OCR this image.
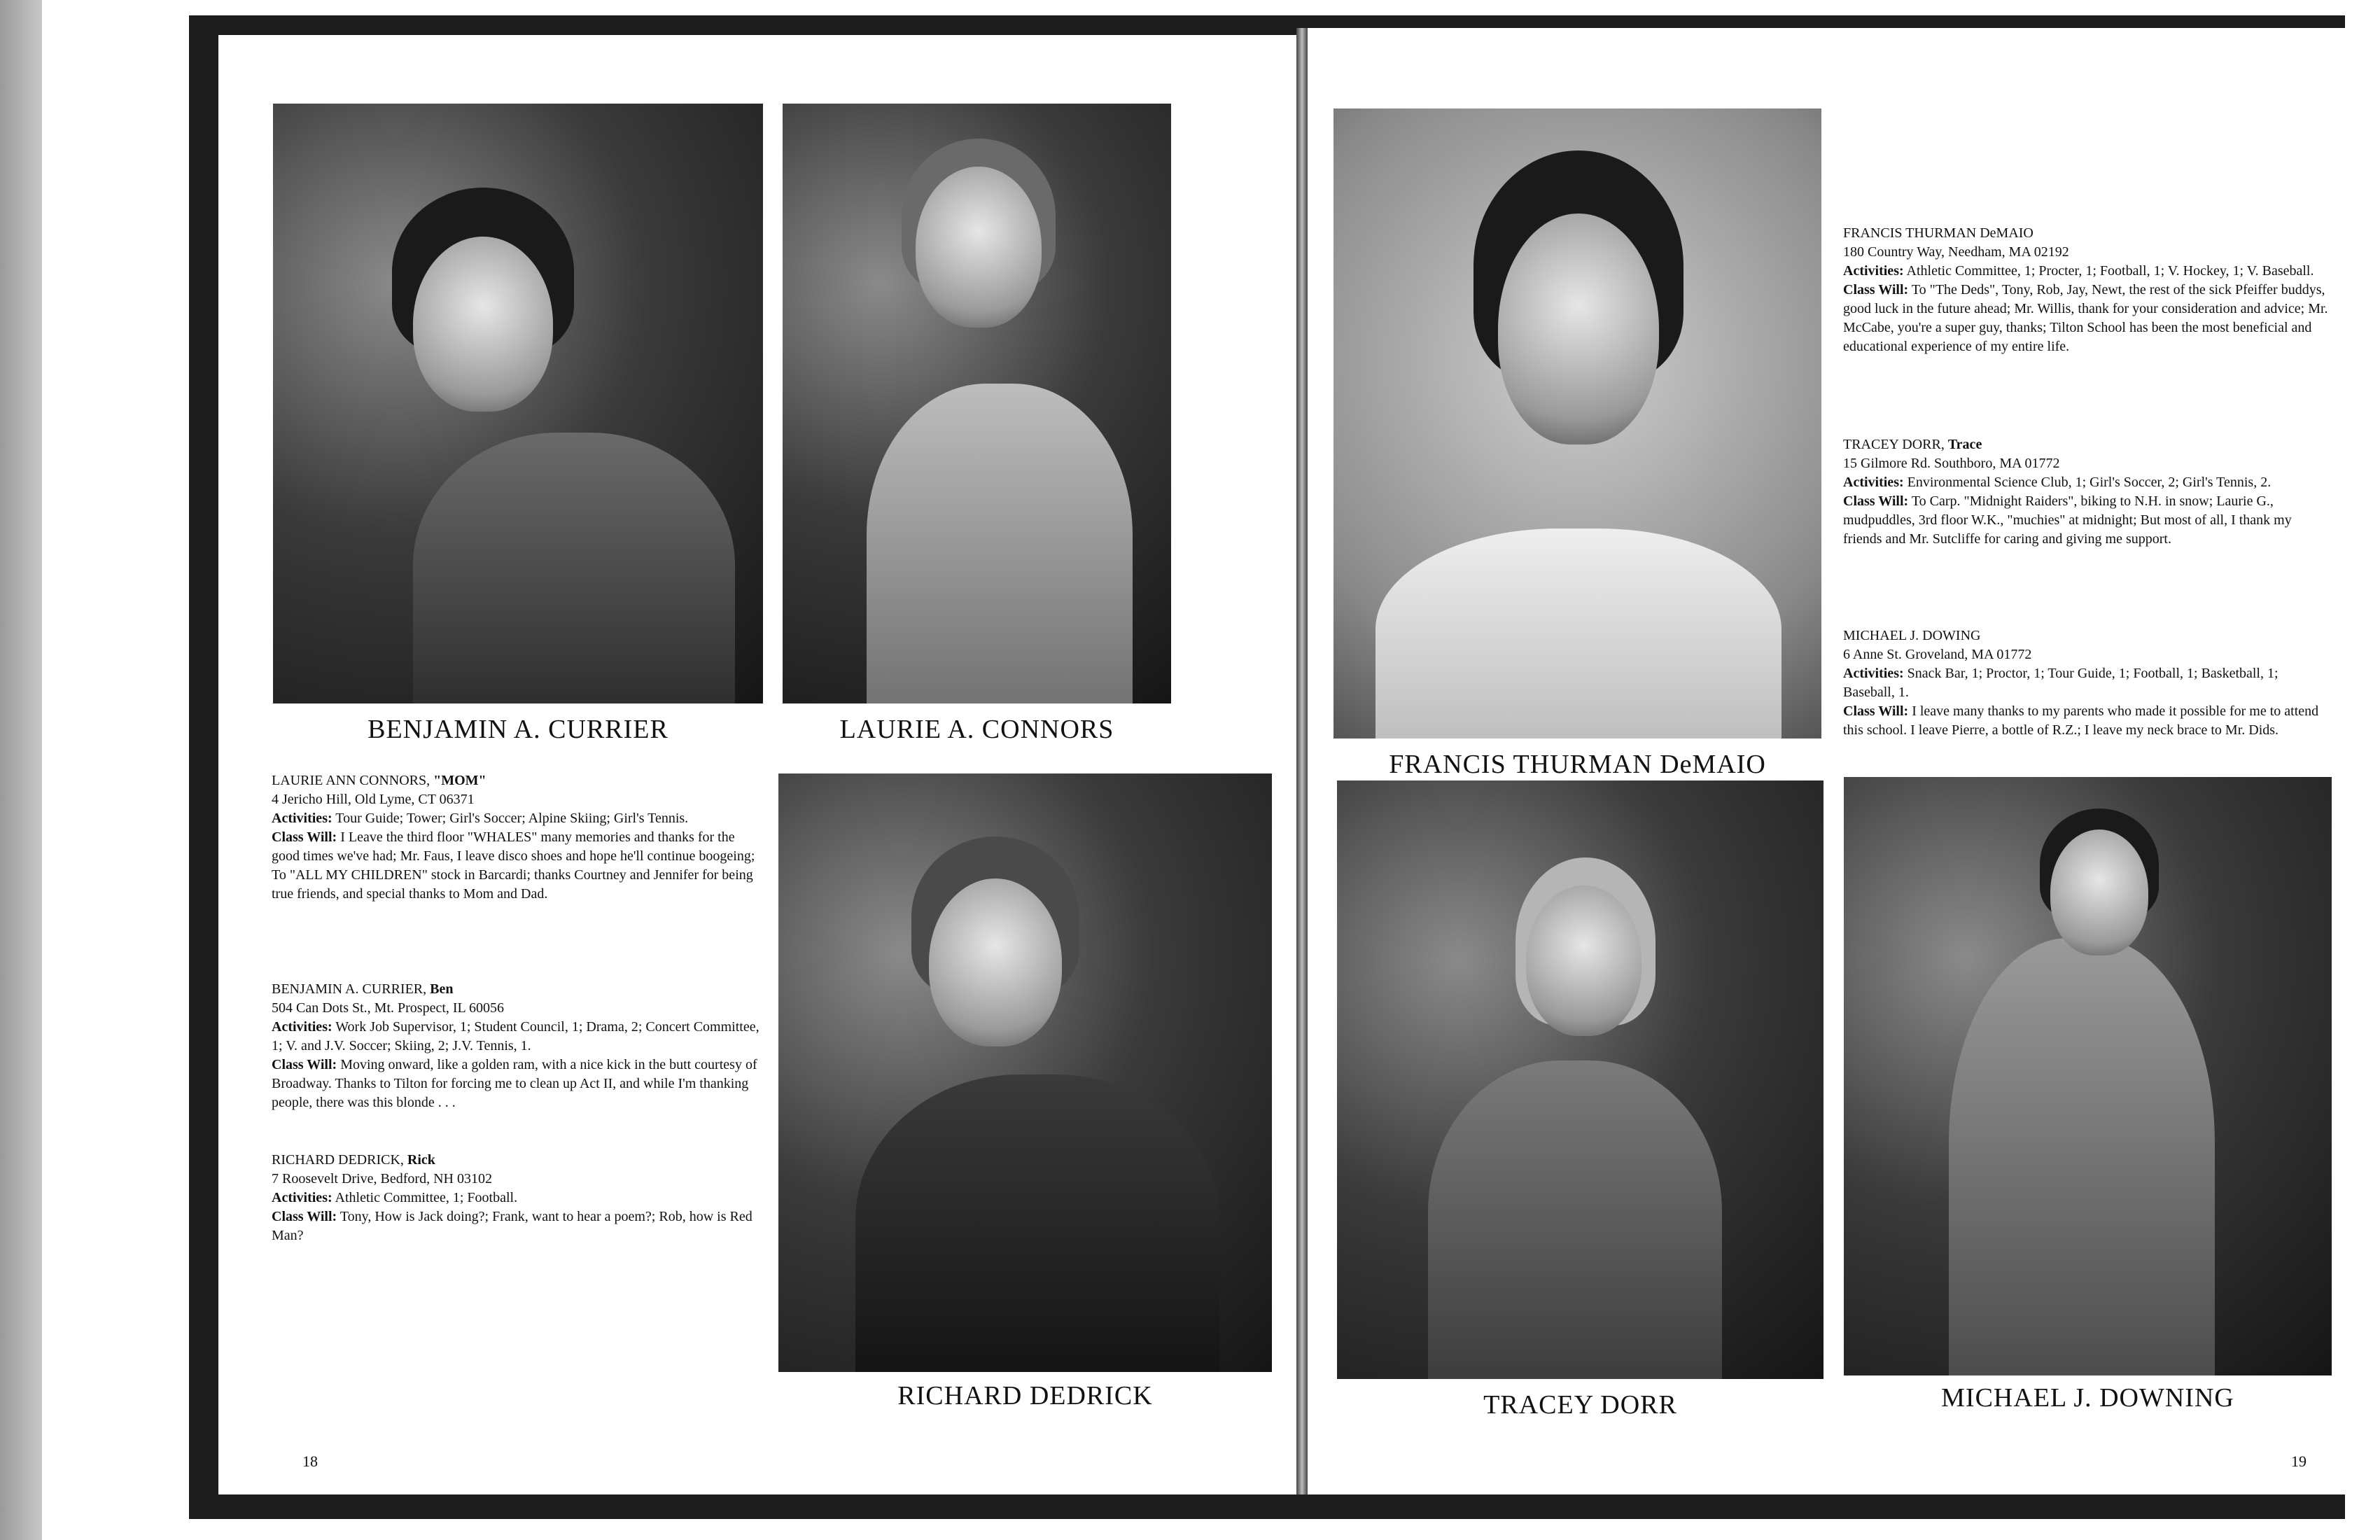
BENJAMIN A. CURRIER	LAURIE A. CONNORS
RICHARD DEDRICK

LAURIE ANN CONNORS, "MOM"

4 Jericho Hill, Old Lyme, CT 06371

Activities: Tour Guide; Tower; Girl's Soccer; Alpine Skiing; Girl's Tennis.

Class Will: I Leave the third floor "WHALES" many memories and thanks for the good times we've had; Mr. Faus, I leave disco shoes and hope he'll continue boogeing; To "ALL MY CHILDREN" stock in Barcardi; thanks Courtney and Jennifer for being true friends, and special thanks to Mom and Dad.

BENJAMIN A. CURRIER, Ben

504 Can Dots St., Mt. Prospect, IL 60056

Activities: Work Job Supervisor, 1; Student Council, 1; Drama, 2; Concert Committee, 1; V. and J.V. Soccer; Skiing, 2; J.V. Tennis, 1.

Class Will: Moving onward, like a golden ram, with a nice kick in the butt courtesy of Broadway. Thanks to Tilton for forcing me to clean up Act II, and while I'm thanking people, there was this blonde . . .

RICHARD DEDRICK, Rick

7 Roosevelt Drive, Bedford, NH 03102

Activities: Athletic Committee, 1; Football.

Class Will: Tony, How is Jack doing?; Frank, want to hear a poem?; Rob, how is Red Man?

18
FRANCIS THURMAN DeMAIO
TRACEY DORR	MICHAEL J. DOWNING

FRANCIS THURMAN DeMAIO

180 Country Way, Needham, MA 02192

Activities: Athletic Committee, 1; Procter, 1; Football, 1; V. Hockey, 1; V. Baseball.

Class Will: To "The Deds", Tony, Rob, Jay, Newt, the rest of the sick Pfeiffer buddys, good luck in the future ahead; Mr. Willis, thank for your consideration and advice; Mr. McCabe, you're a super guy, thanks; Tilton School has been the most beneficial and educational experience of my entire life.

TRACEY DORR, Trace

15 Gilmore Rd. Southboro, MA 01772

Activities: Environmental Science Club, 1; Girl's Soccer, 2; Girl's Tennis, 2.

Class Will: To Carp. "Midnight Raiders", biking to N.H. in snow; Laurie G., mudpuddles, 3rd floor W.K., "muchies" at midnight; But most of all, I thank my friends and Mr. Sutcliffe for caring and giving me support.

MICHAEL J. DOWING

6 Anne St. Groveland, MA 01772

Activities: Snack Bar, 1; Proctor, 1; Tour Guide, 1; Football, 1; Basketball, 1; Baseball, 1.

Class Will: I leave many thanks to my parents who made it possible for me to attend this school. I leave Pierre, a bottle of R.Z.; I leave my neck brace to Mr. Dids.

19
